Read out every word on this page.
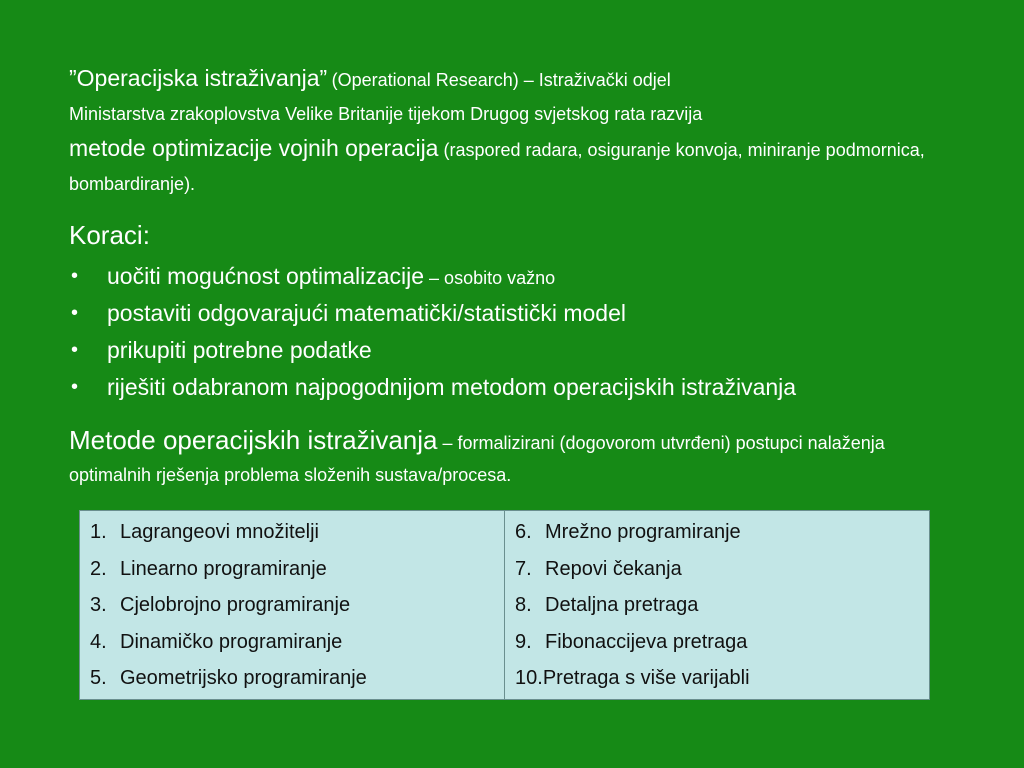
”Operacijska istraživanja” (Operational Research) – Istraživački odjel
Ministarstva zrakoplovstva Velike Britanije tijekom Drugog svjetskog rata razvija
metode optimizacije vojnih operacija (raspored radara, osiguranje konvoja, miniranje podmornica, bombardiranje).
Koraci:
• uočiti mogućnost optimalizacije – osobito važno
• postaviti odgovarajući matematički/statistički model
• prikupiti potrebne podatke
• riješiti odabranom najpogodnijom metodom operacijskih istraživanja
Metode operacijskih istraživanja – formalizirani (dogovorom utvrđeni) postupci nalaženja optimalnih rješenja problema složenih sustava/procesa.
1. Lagrangeovi množitelji
2. Linearno programiranje
3. Cjelobrojno programiranje
4. Dinamičko programiranje
5. Geometrijsko programiranje

6. Mrežno programiranje
7. Repovi čekanja
8. Detaljna pretraga
9. Fibonaccijeva pretraga
10.Pretraga s više varijabli
